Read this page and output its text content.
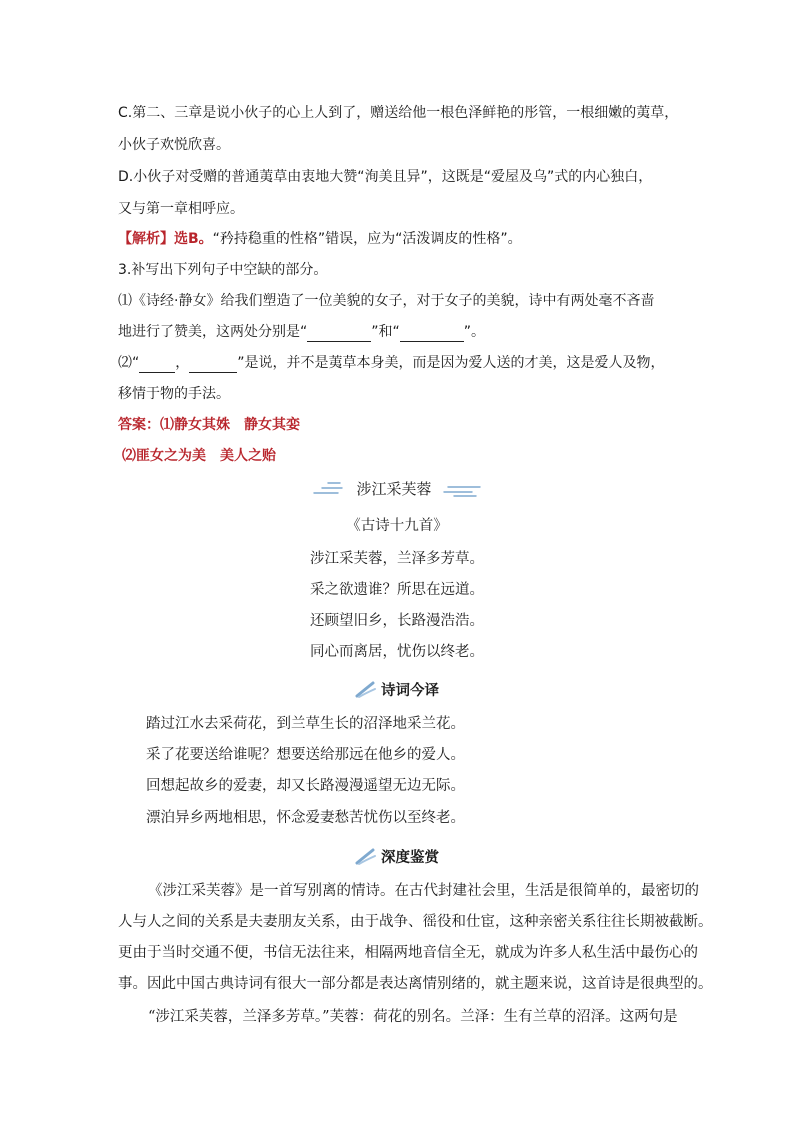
C.第二、三章是说小伙子的心上人到了，赠送给他一根色泽鲜艳的彤管，一根细嫩的荑草，
小伙子欢悦欣喜。
D.小伙子对受赠的普通荑草由衷地大赞“洵美且异”，这既是“爱屋及乌”式的内心独白，
又与第一章相呼应。
【解析】选B。“矜持稳重的性格”错误，应为“活泼调皮的性格”。
3.补写出下列句子中空缺的部分。
⑴《诗经·静女》给我们塑造了一位美貌的女子，对于女子的美貌，诗中有两处毫不吝啬
地进行了赞美，这两处分别是“	”和“	”。
⑵“	，	”是说，并不是荑草本身美，而是因为爱人送的才美，这是爱人及物，
移情于物的手法。
答案：⑴静女其姝　静女其娈
⑵匪女之为美　美人之贻
涉江采芙蓉
《古诗十九首》
涉江采芙蓉，兰泽多芳草。
采之欲遗谁？所思在远道。
还顾望旧乡，长路漫浩浩。
同心而离居，忧伤以终老。
诗词今译
踏过江水去采荷花，到兰草生长的沼泽地采兰花。
采了花要送给谁呢？想要送给那远在他乡的爱人。
回想起故乡的爱妻，却又长路漫漫遥望无边无际。
漂泊异乡两地相思，怀念爱妻愁苦忧伤以至终老。
深度鉴赏
《涉江采芙蓉》是一首写别离的情诗。在古代封建社会里，生活是很简单的，最密切的
人与人之间的关系是夫妻朋友关系，由于战争、徭役和仕宦，这种亲密关系往往长期被截断。
更由于当时交通不便，书信无法往来，相隔两地音信全无，就成为许多人私生活中最伤心的
事。因此中国古典诗词有很大一部分都是表达离情别绪的，就主题来说，这首诗是很典型的。
“涉江采芙蓉，兰泽多芳草。”芙蓉：荷花的别名。兰泽：生有兰草的沼泽。这两句是
